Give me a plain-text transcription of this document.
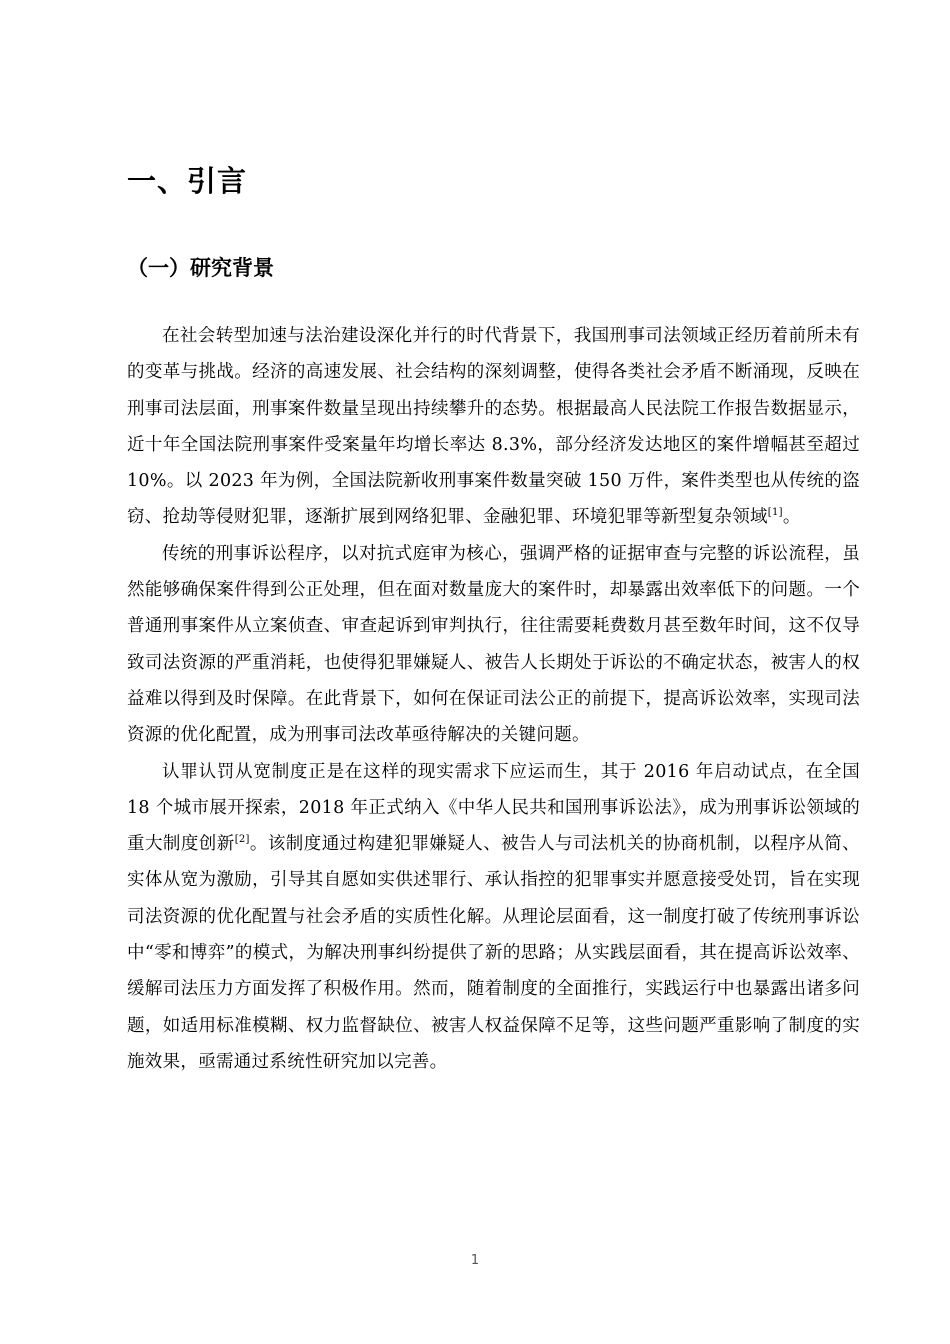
一、引言
（一）研究背景

在社会转型加速与法治建设深化并行的时代背景下，我国刑事司法领域正经历着前所未有的变革与挑战。经济的高速发展、社会结构的深刻调整，使得各类社会矛盾不断涌现，反映在刑事司法层面，刑事案件数量呈现出持续攀升的态势。根据最高人民法院工作报告数据显示，近十年全国法院刑事案件受案量年均增长率达 8.3%，部分经济发达地区的案件增幅甚至超过 10%。以 2023 年为例，全国法院新收刑事案件数量突破 150 万件，案件类型也从传统的盗窃、抢劫等侵财犯罪，逐渐扩展到网络犯罪、金融犯罪、环境犯罪等新型复杂领域[1]。

传统的刑事诉讼程序，以对抗式庭审为核心，强调严格的证据审查与完整的诉讼流程，虽然能够确保案件得到公正处理，但在面对数量庞大的案件时，却暴露出效率低下的问题。一个普通刑事案件从立案侦查、审查起诉到审判执行，往往需要耗费数月甚至数年时间，这不仅导致司法资源的严重消耗，也使得犯罪嫌疑人、被告人长期处于诉讼的不确定状态，被害人的权益难以得到及时保障。在此背景下，如何在保证司法公正的前提下，提高诉讼效率，实现司法资源的优化配置，成为刑事司法改革亟待解决的关键问题。

认罪认罚从宽制度正是在这样的现实需求下应运而生，其于 2016 年启动试点，在全国 18 个城市展开探索，2018 年正式纳入《中华人民共和国刑事诉讼法》，成为刑事诉讼领域的重大制度创新[2]。该制度通过构建犯罪嫌疑人、被告人与司法机关的协商机制，以程序从简、实体从宽为激励，引导其自愿如实供述罪行、承认指控的犯罪事实并愿意接受处罚，旨在实现司法资源的优化配置与社会矛盾的实质性化解。从理论层面看，这一制度打破了传统刑事诉讼中“零和博弈”的模式，为解决刑事纠纷提供了新的思路；从实践层面看，其在提高诉讼效率、缓解司法压力方面发挥了积极作用。然而，随着制度的全面推行，实践运行中也暴露出诸多问题，如适用标准模糊、权力监督缺位、被害人权益保障不足等，这些问题严重影响了制度的实施效果，亟需通过系统性研究加以完善。

1
